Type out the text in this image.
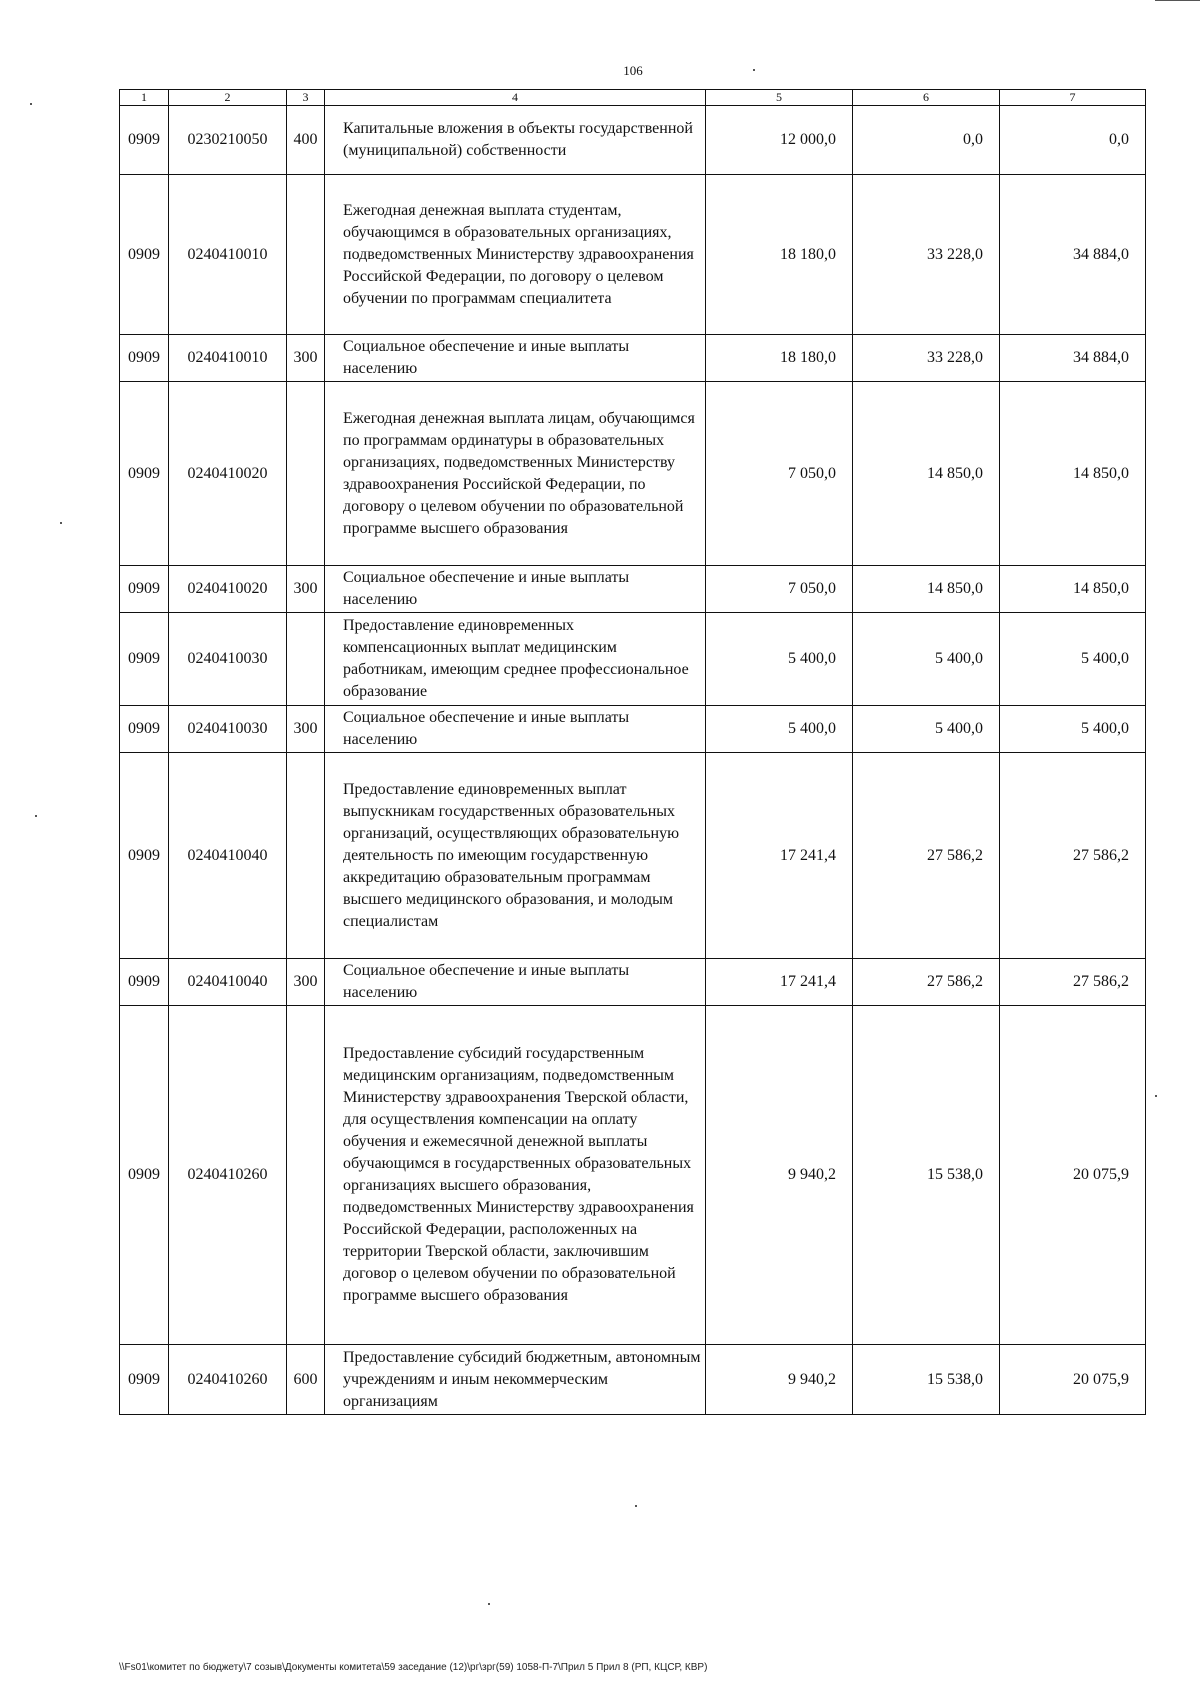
106
1	2	3	4	5	6	7
0909	0230210050	400	Капитальные вложения в объекты государственной (муниципальной) собственности	12 000,0	0,0	0,0
0909	0240410010		Ежегодная денежная выплата студентам, обучающимся в образовательных организациях, подведомственных Министерству здравоохранения Российской Федерации, по договору о целевом обучении по программам специалитета	18 180,0	33 228,0	34 884,0
0909	0240410010	300	Социальное обеспечение и иные выплаты населению	18 180,0	33 228,0	34 884,0
0909	0240410020		Ежегодная денежная выплата лицам, обучающимся по программам ординатуры в образовательных организациях, подведомственных Министерству здравоохранения Российской Федерации, по договору о целевом обучении по образовательной программе высшего образования	7 050,0	14 850,0	14 850,0
0909	0240410020	300	Социальное обеспечение и иные выплаты населению	7 050,0	14 850,0	14 850,0
0909	0240410030		Предоставление единовременных компенсационных выплат медицинским работникам, имеющим среднее профессиональное образование	5 400,0	5 400,0	5 400,0
0909	0240410030	300	Социальное обеспечение и иные выплаты населению	5 400,0	5 400,0	5 400,0
0909	0240410040		Предоставление единовременных выплат выпускникам государственных образовательных организаций, осуществляющих образовательную деятельность по имеющим государственную аккредитацию образовательным программам высшего медицинского образования, и молодым специалистам	17 241,4	27 586,2	27 586,2
0909	0240410040	300	Социальное обеспечение и иные выплаты населению	17 241,4	27 586,2	27 586,2
0909	0240410260		Предоставление субсидий государственным медицинским организациям, подведомственным Министерству здравоохранения Тверской области, для осуществления компенсации на оплату обучения и ежемесячной денежной выплаты обучающимся в государственных образовательных организациях высшего образования, подведомственных Министерству здравоохранения Российской Федерации, расположенных на территории Тверской области, заключившим договор о целевом обучении по образовательной программе высшего образования	9 940,2	15 538,0	20 075,9
0909	0240410260	600	Предоставление субсидий бюджетным, автономным учреждениям и иным некоммерческим организациям	9 940,2	15 538,0	20 075,9
\\Fs01\комитет по бюджету\7 созыв\Документы комитета\59 заседание (12)\рг\зрг(59) 1058-П-7\Прил 5 Прил 8 (РП, КЦСР, КВР)
